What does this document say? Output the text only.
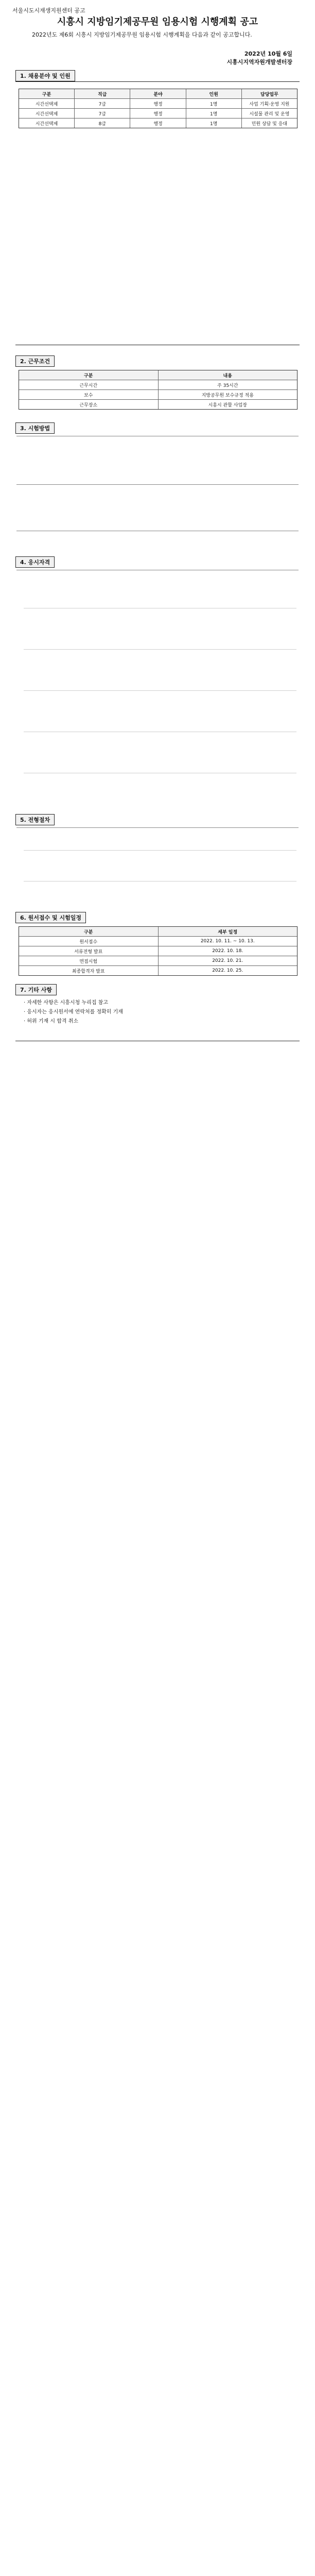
서울시도시재생지원센터 공고
시흥시 지방임기제공무원 임용시험 시행계획 공고
2022년도 제6회 시흥시 지방임기제공무원 임용시험 시행계획을 다음과 같이 공고합니다.
2022년 10월 6일
시흥시지역자원개발센터장
1. 채용분야 및 인원
구분	직급	분야	인원	담당업무
시간선택제	7급	행정	1명	사업 기획·운영 지원
시간선택제	7급	행정	1명	시설물 관리 및 운영
시간선택제	8급	행정	1명	민원 상담 및 응대
2. 근무조건
구분	내용
근무시간	주 35시간
보수	지방공무원 보수규정 적용
근무장소	시흥시 관할 사업장
3. 시험방법
4. 응시자격
5. 전형절차
6. 원서접수 및 시험일정
구분	세부 일정
원서접수	2022. 10. 11. ~ 10. 13.
서류전형 발표	2022. 10. 18.
면접시험	2022. 10. 21.
최종합격자 발표	2022. 10. 25.
7. 기타 사항
· 자세한 사항은 시흥시청 누리집 참고
· 응시자는 응시원서에 연락처를 정확히 기재
· 허위 기재 시 합격 취소
